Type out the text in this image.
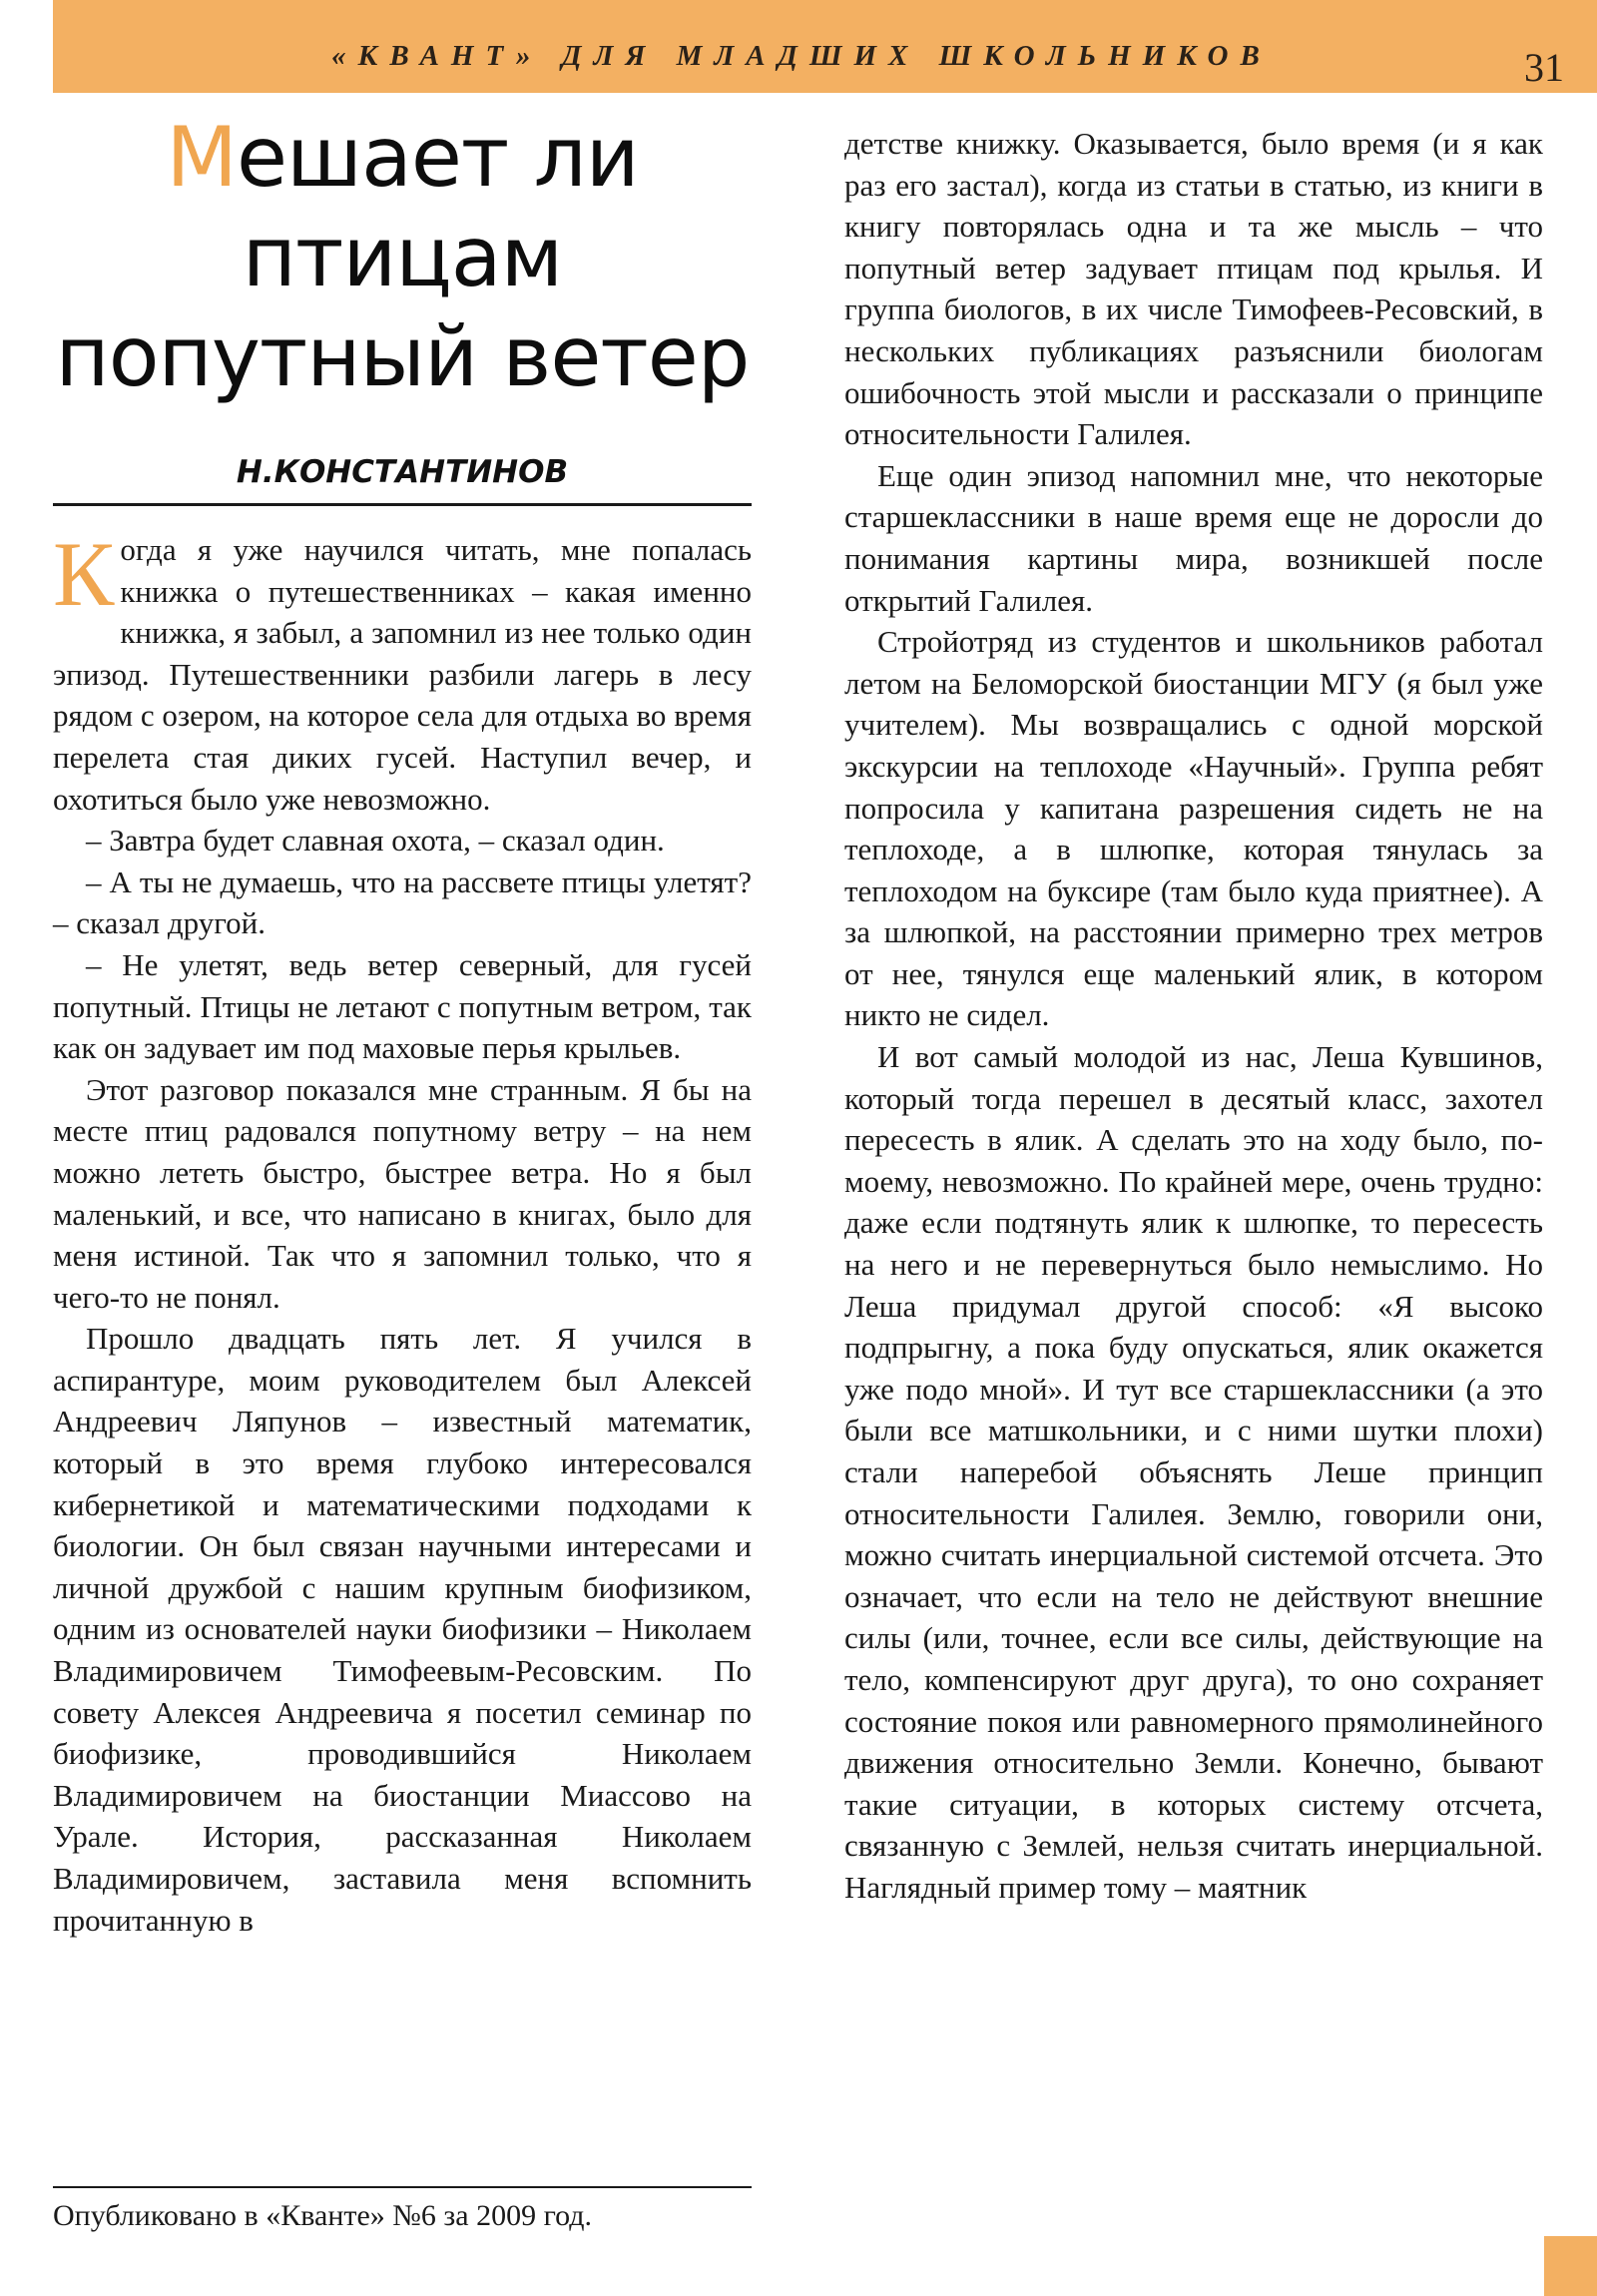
«КВАНТ» ДЛЯ МЛАДШИХ ШКОЛЬНИКОВ	31
Мешает ли
птицам
попутный ветер
Н.КОНСТАНТИНОВ

Когда я уже научился читать, мне попалась книжка о путешественниках – какая именно книжка, я забыл, а запомнил из нее только один эпизод. Путешественники разбили лагерь в лесу рядом с озером, на которое села для отдыха во время перелета стая диких гусей. Наступил вечер, и охотиться было уже невозможно.

– Завтра будет славная охота, – сказал один.

– А ты не думаешь, что на рассвете птицы улетят? – сказал другой.

– Не улетят, ведь ветер северный, для гусей попутный. Птицы не летают с попутным ветром, так как он задувает им под маховые перья крыльев.

Этот разговор показался мне странным. Я бы на месте птиц радовался попутному ветру – на нем можно лететь быстро, быстрее ветра. Но я был маленький, и все, что написано в книгах, было для меня истиной. Так что я запомнил только, что я чего-то не понял.

Прошло двадцать пять лет. Я учился в аспирантуре, моим руководителем был Алексей Андреевич Ляпунов – известный математик, который в это время глубоко интересовался кибернетикой и математическими подходами к биологии. Он был связан научными интересами и личной дружбой с нашим крупным биофизиком, одним из основателей науки биофизики – Николаем Владимировичем Тимофеевым-Ресовским. По совету Алексея Андреевича я посетил семинар по биофизике, проводившийся Николаем Владимировичем на биостанции Миассово на Урале. История, рассказанная Николаем Владимировичем, заставила меня вспомнить прочитанную в

детстве книжку. Оказывается, было время (и я как раз его застал), когда из статьи в статью, из книги в книгу повторялась одна и та же мысль – что попутный ветер задувает птицам под крылья. И группа биологов, в их числе Тимофеев-Ресовский, в нескольких публикациях разъяснили биологам ошибочность этой мысли и рассказали о принципе относительности Галилея.

Еще один эпизод напомнил мне, что некоторые старшеклассники в наше время еще не доросли до понимания картины мира, возникшей после открытий Галилея.

Стройотряд из студентов и школьников работал летом на Беломорской биостанции МГУ (я был уже учителем). Мы возвращались с одной морской экскурсии на теплоходе «Научный». Группа ребят попросила у капитана разрешения сидеть не на теплоходе, а в шлюпке, которая тянулась за теплоходом на буксире (там было куда приятнее). А за шлюпкой, на расстоянии примерно трех метров от нее, тянулся еще маленький ялик, в котором никто не сидел.

И вот самый молодой из нас, Леша Кувшинов, который тогда перешел в десятый класс, захотел пересесть в ялик. А сделать это на ходу было, по-моему, невозможно. По крайней мере, очень трудно: даже если подтянуть ялик к шлюпке, то пересесть на него и не перевернуться было немыслимо. Но Леша придумал другой способ: «Я высоко подпрыгну, а пока буду опускаться, ялик окажется уже подо мной». И тут все старшеклассники (а это были все матшкольники, и с ними шутки плохи) стали наперебой объяснять Леше принцип относительности Галилея. Землю, говорили они, можно считать инерциальной системой отсчета. Это означает, что если на тело не действуют внешние силы (или, точнее, если все силы, действующие на тело, компенсируют друг друга), то оно сохраняет состояние покоя или равномерного прямолинейного движения относительно Земли. Конечно, бывают такие ситуации, в которых систему отсчета, связанную с Землей, нельзя считать инерциальной. Наглядный пример тому – маятник

Опубликовано в «Кванте» №6 за 2009 год.
